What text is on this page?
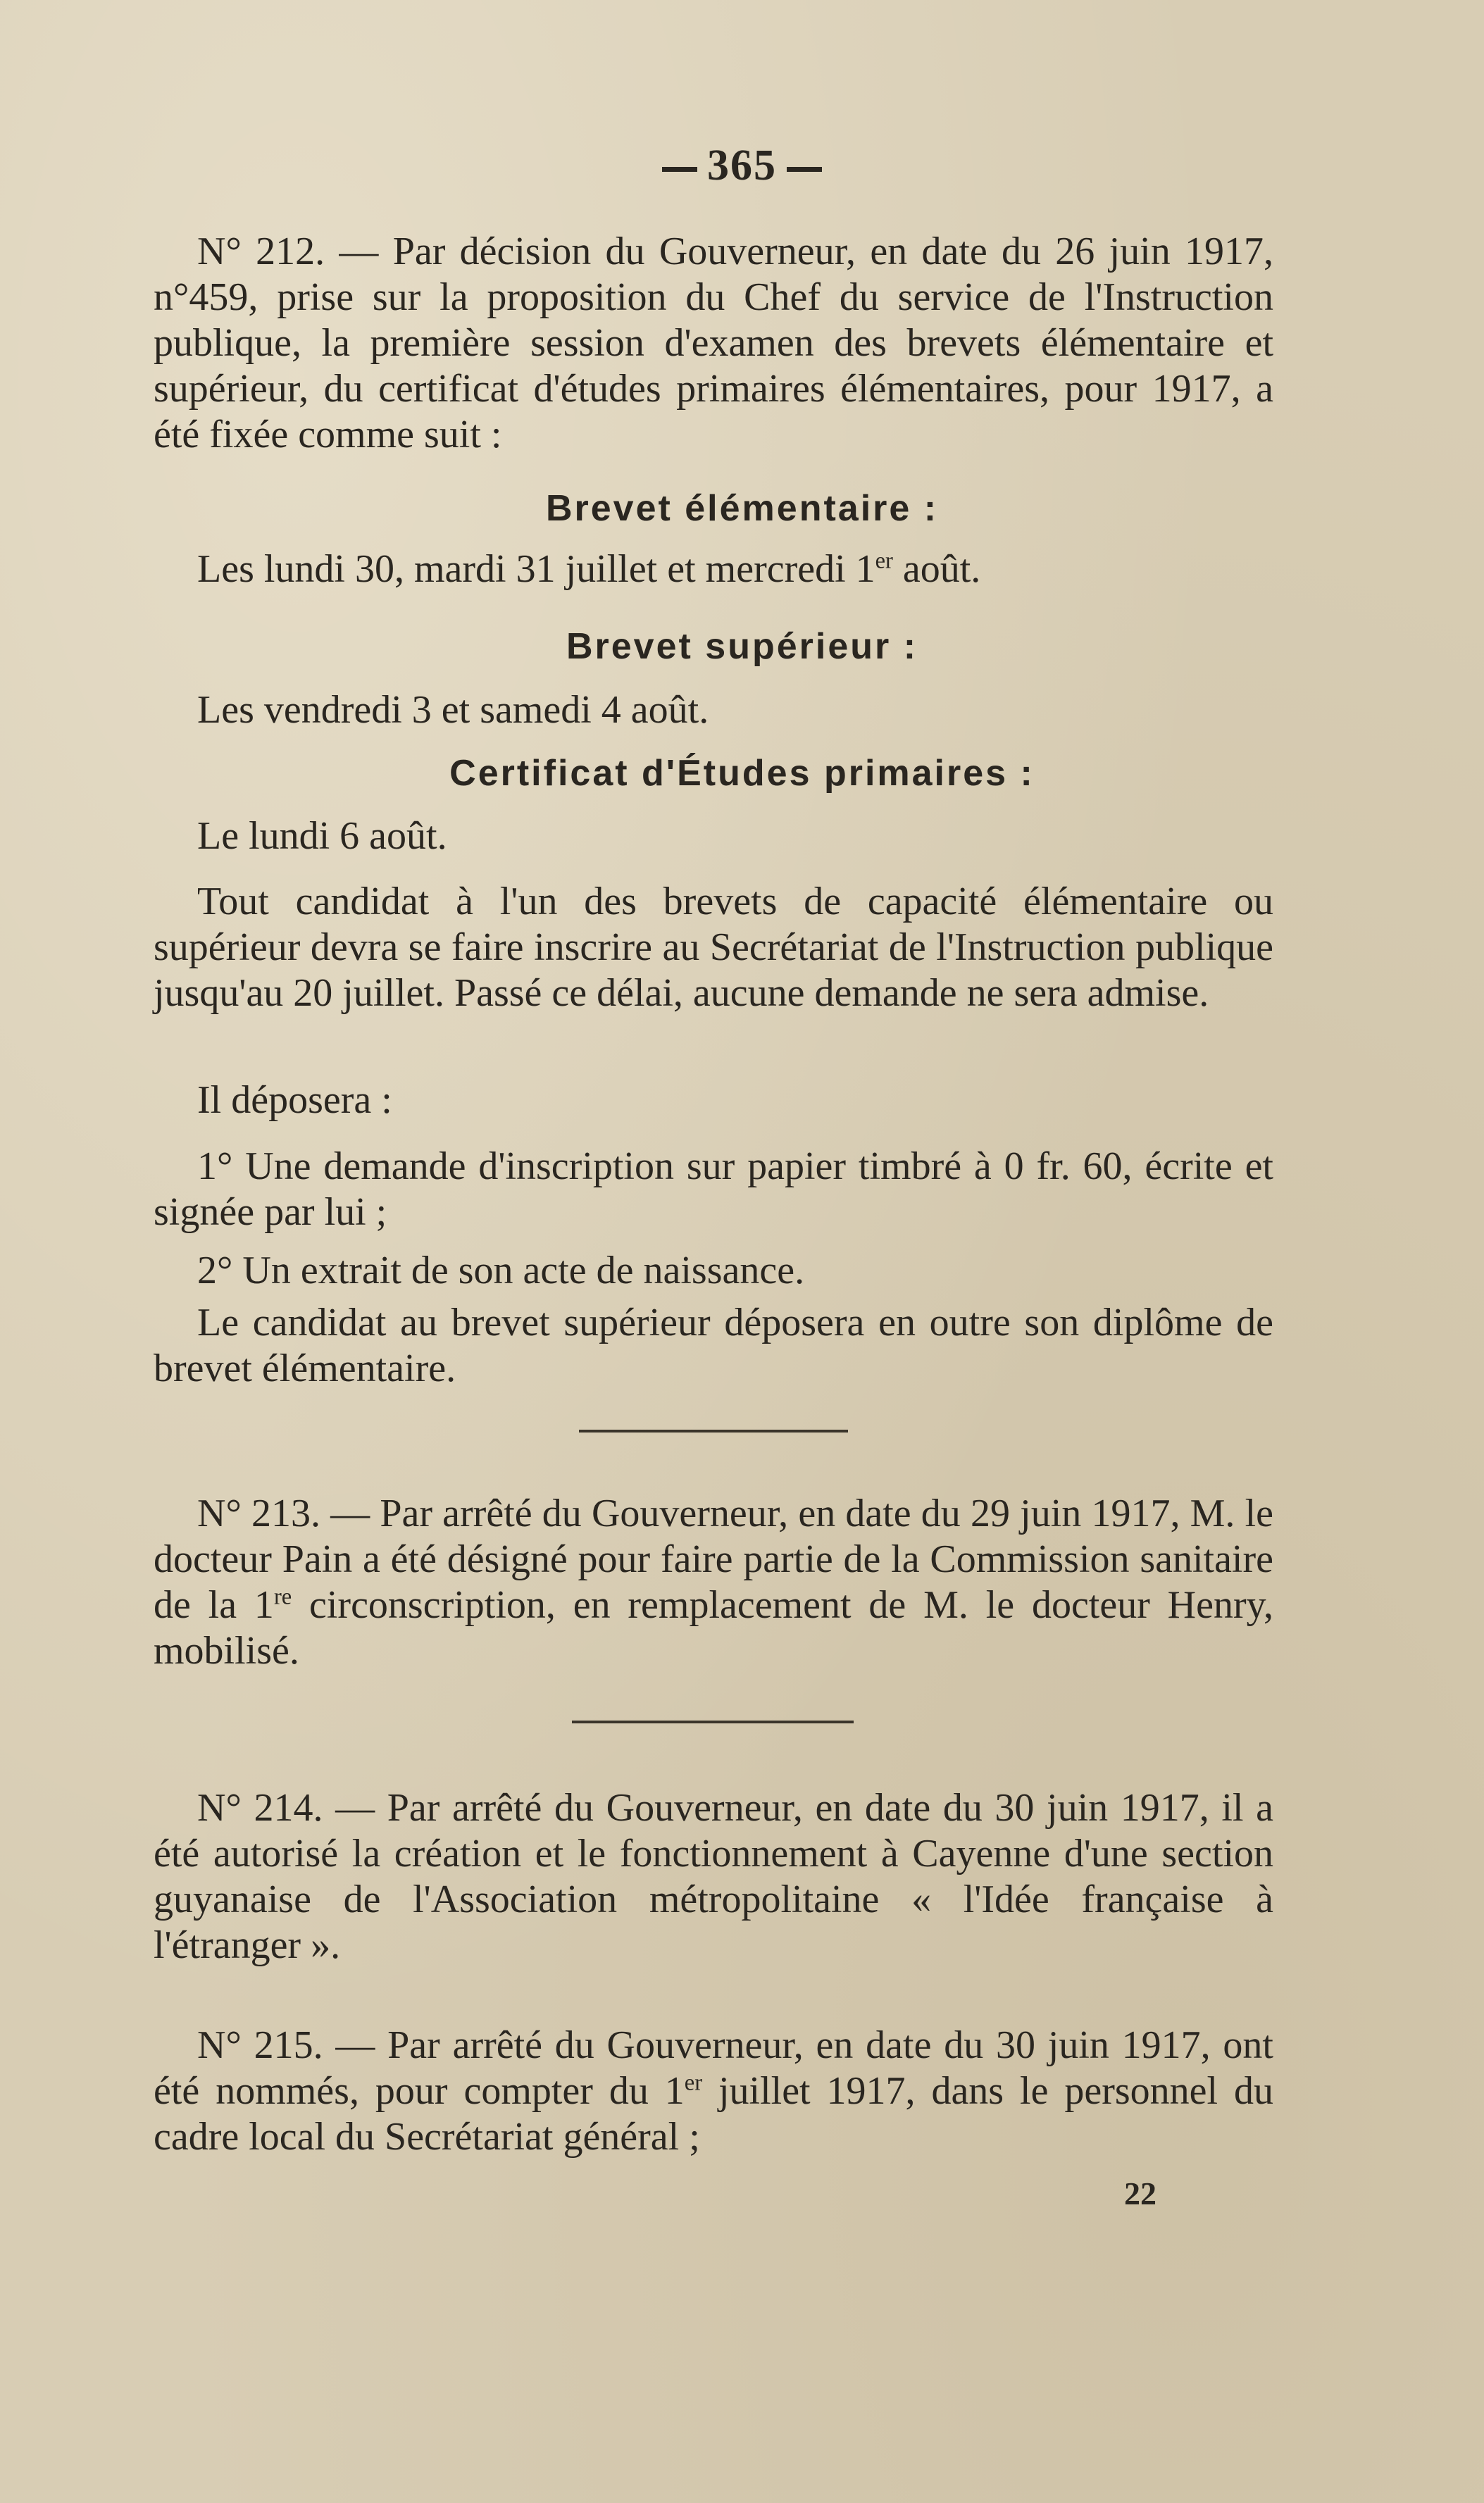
365

N° 212. — Par décision du Gouverneur, en date du 26 juin 1917, n°459, prise sur la proposition du Chef du service de l'Instruction publique, la première session d'examen des brevets élémentaire et supérieur, du certificat d'études primaires élémentaires, pour 1917, a été fixée comme suit :

Brevet élémentaire :

Les lundi 30, mardi 31 juillet et mercredi 1er août.

Brevet supérieur :

Les vendredi 3 et samedi 4 août.

Certificat d'Études primaires :

Le lundi 6 août.

Tout candidat à l'un des brevets de capacité élémentaire ou supérieur devra se faire inscrire au Secrétariat de l'Instruction publique jusqu'au 20 juillet. Passé ce délai, aucune demande ne sera admise.

Il déposera :

1° Une demande d'inscription sur papier timbré à 0 fr. 60, écrite et signée par lui ;

2° Un extrait de son acte de naissance.

Le candidat au brevet supérieur déposera en outre son diplôme de brevet élémentaire.

N° 213. — Par arrêté du Gouverneur, en date du 29 juin 1917, M. le docteur Pain a été désigné pour faire partie de la Commission sanitaire de la 1re circonscription, en remplacement de M. le docteur Henry, mobilisé.

N° 214. — Par arrêté du Gouverneur, en date du 30 juin 1917, il a été autorisé la création et le fonctionnement à Cayenne d'une section guyanaise de l'Association métropolitaine « l'Idée française à l'étranger ».

N° 215. — Par arrêté du Gouverneur, en date du 30 juin 1917, ont été nommés, pour compter du 1er juillet 1917, dans le personnel du cadre local du Secrétariat général ;

22
